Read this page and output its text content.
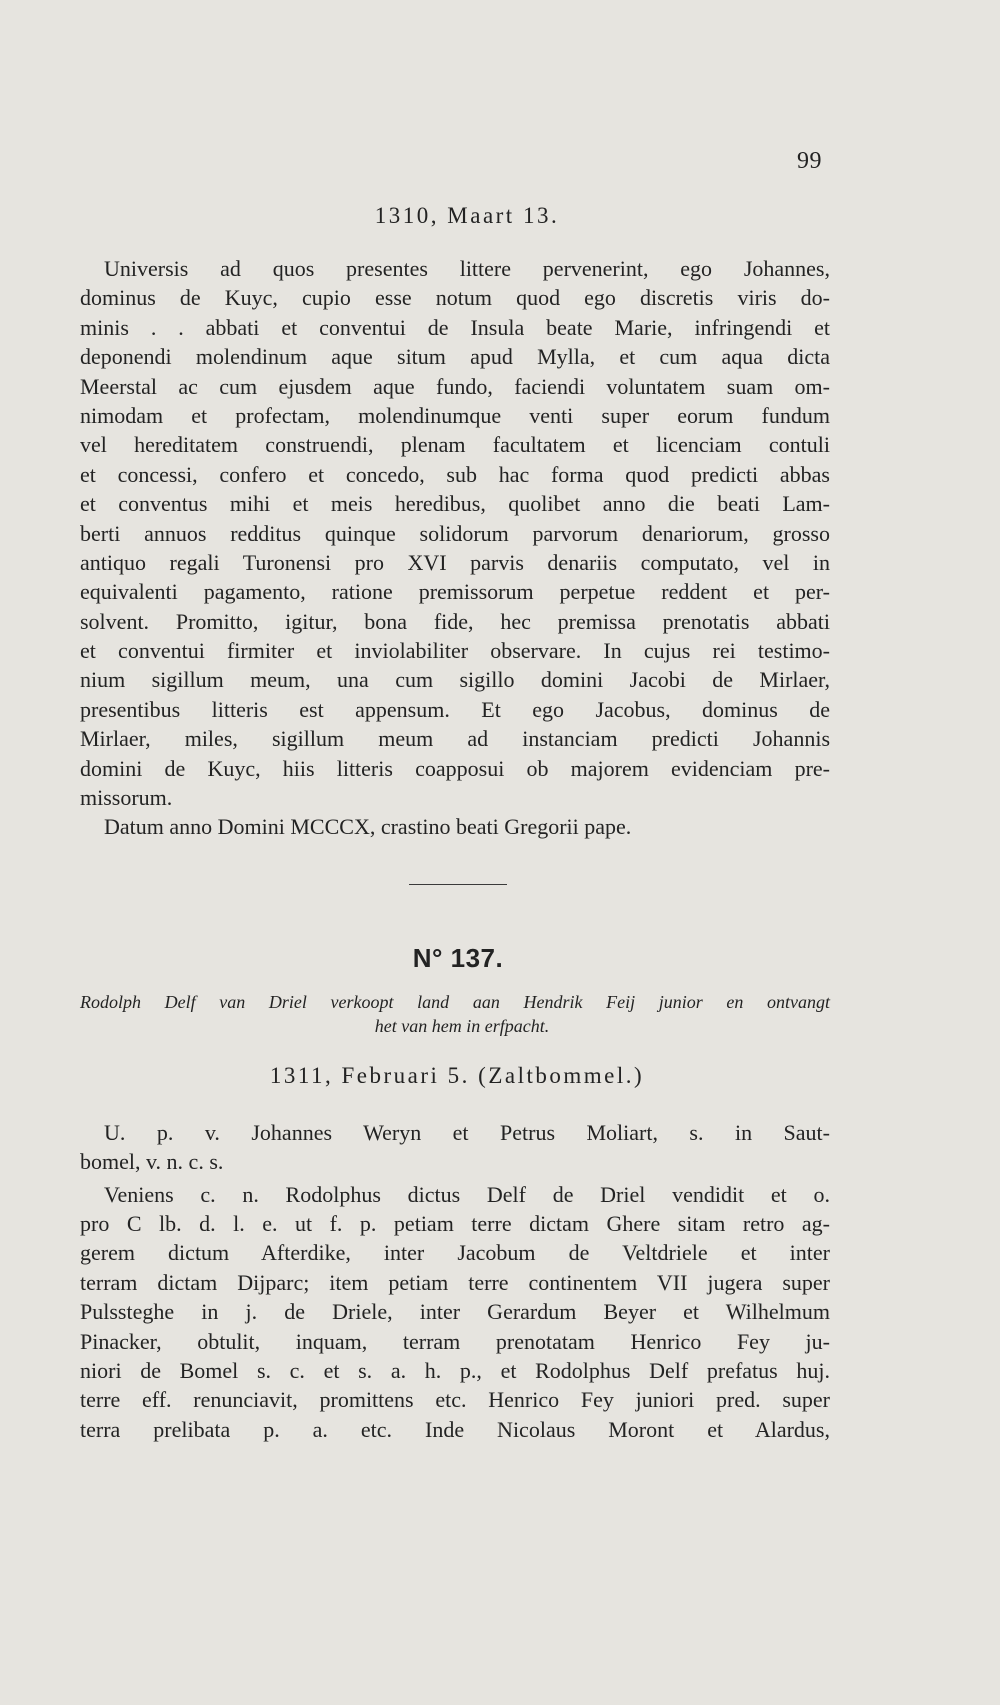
99
1310, Maart 13.
Universis ad quos presentes littere pervenerint, ego Johannes,
dominus de Kuyc, cupio esse notum quod ego discretis viris do-
minis . . abbati et conventui de Insula beate Marie, infringendi et
deponendi molendinum aque situm apud Mylla, et cum aqua dicta
Meerstal ac cum ejusdem aque fundo, faciendi voluntatem suam om-
nimodam et profectam, molendinumque venti super eorum fundum
vel hereditatem construendi, plenam facultatem et licenciam contuli
et concessi, confero et concedo, sub hac forma quod predicti abbas
et conventus mihi et meis heredibus, quolibet anno die beati Lam-
berti annuos redditus quinque solidorum parvorum denariorum, grosso
antiquo regali Turonensi pro XVI parvis denariis computato, vel in
equivalenti pagamento, ratione premissorum perpetue reddent et per-
solvent. Promitto, igitur, bona fide, hec premissa prenotatis abbati
et conventui firmiter et inviolabiliter observare. In cujus rei testimo-
nium sigillum meum, una cum sigillo domini Jacobi de Mirlaer,
presentibus litteris est appensum. Et ego Jacobus, dominus de
Mirlaer, miles, sigillum meum ad instanciam predicti Johannis
domini de Kuyc, hiis litteris coapposui ob majorem evidenciam pre-
missorum.
Datum anno Domini MCCCX, crastino beati Gregorii pape.
N° 137.
Rodolph Delf van Driel verkoopt land aan Hendrik Feij junior en ontvangt
het van hem in erfpacht.
1311, Februari 5. (Zaltbommel.)
U. p. v. Johannes Weryn et Petrus Moliart, s. in Saut-
bomel, v. n. c. s.
Veniens c. n. Rodolphus dictus Delf de Driel vendidit et o.
pro C lb. d. l. e. ut f. p. petiam terre dictam Ghere sitam retro ag-
gerem dictum Afterdike, inter Jacobum de Veltdriele et inter
terram dictam Dijparc; item petiam terre continentem VII jugera super
Pulssteghe in j. de Driele, inter Gerardum Beyer et Wilhelmum
Pinacker, obtulit, inquam, terram prenotatam Henrico Fey ju-
niori de Bomel s. c. et s. a. h. p., et Rodolphus Delf prefatus huj.
terre eff. renunciavit, promittens etc. Henrico Fey juniori pred. super
terra prelibata p. a. etc. Inde Nicolaus Moront et Alardus,
